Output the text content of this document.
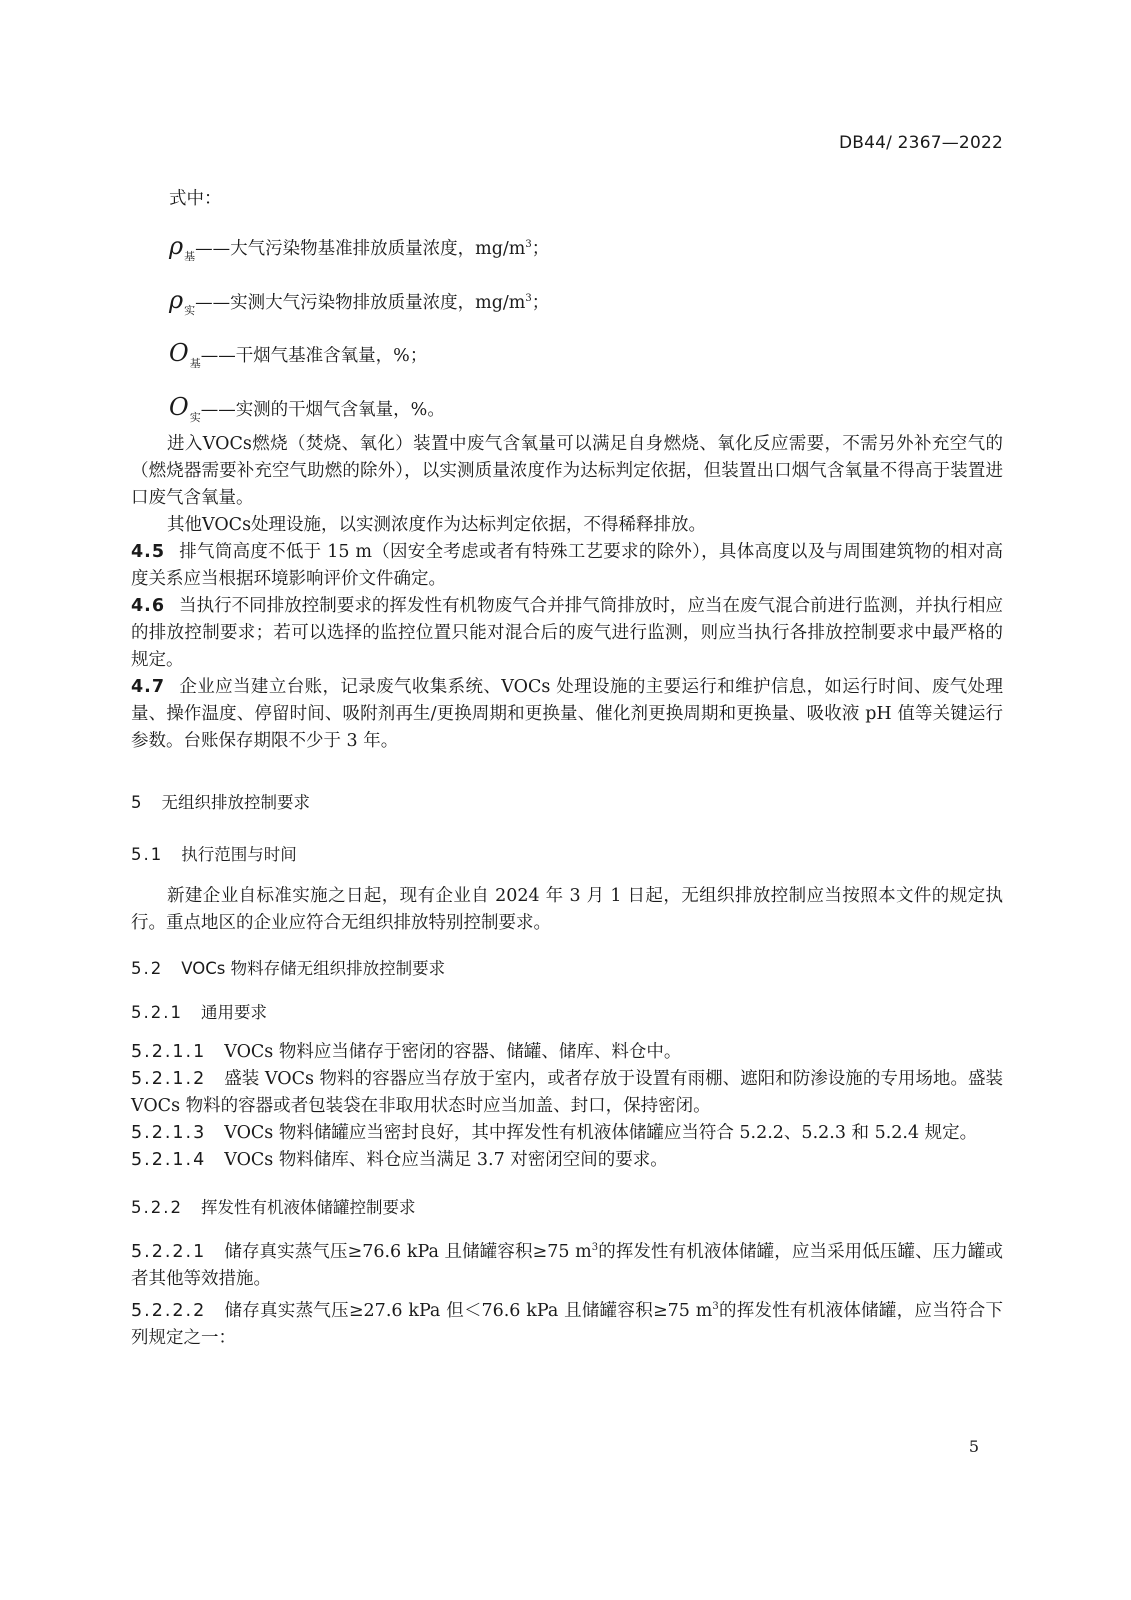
DB44/ 2367—2022

式中：

$\rho_基——$大气污染物基准排放质量浓度，$mg/m^3$；
$\rho_实——$实测大气污染物排放质量浓度，$mg/m^3$；
$O_基——$干烟气基准含氧量，%；
$O_实——$实测的干烟气含氧量，%。

进入VOCs燃烧（焚烧、氧化）装置中废气含氧量可以满足自身燃烧、氧化反应需要，不需另外补充空气的（燃烧器需要补充空气助燃的除外），以实测质量浓度作为达标判定依据，但装置出口烟气含氧量不得高于装置进口废气含氧量。

其他VOCs处理设施，以实测浓度作为达标判定依据，不得稀释排放。

4.5 排气筒高度不低于 15 m（因安全考虑或者有特殊工艺要求的除外），具体高度以及与周围建筑物的相对高度关系应当根据环境影响评价文件确定。

4.6 当执行不同排放控制要求的挥发性有机物废气合并排气筒排放时，应当在废气混合前进行监测，并执行相应的排放控制要求；若可以选择的监控位置只能对混合后的废气进行监测，则应当执行各排放控制要求中最严格的规定。

4.7 企业应当建立台账，记录废气收集系统、VOCs 处理设施的主要运行和维护信息，如运行时间、废气处理量、操作温度、停留时间、吸附剂再生/更换周期和更换量、催化剂更换周期和更换量、吸收液 pH 值等关键运行参数。台账保存期限不少于 3 年。

5 无组织排放控制要求

5.1 执行范围与时间

新建企业自标准实施之日起，现有企业自 2024 年 3 月 1 日起，无组织排放控制应当按照本文件的规定执行。重点地区的企业应符合无组织排放特别控制要求。

5.2 VOCs 物料存储无组织排放控制要求

5.2.1 通用要求

5.2.1.1 VOCs 物料应当储存于密闭的容器、储罐、储库、料仓中。

5.2.1.2 盛装 VOCs 物料的容器应当存放于室内，或者存放于设置有雨棚、遮阳和防渗设施的专用场地。盛装 VOCs 物料的容器或者包装袋在非取用状态时应当加盖、封口，保持密闭。

5.2.1.3 VOCs 物料储罐应当密封良好，其中挥发性有机液体储罐应当符合 5.2.2、5.2.3 和 5.2.4 规定。

5.2.1.4 VOCs 物料储库、料仓应当满足 3.7 对密闭空间的要求。

5.2.2 挥发性有机液体储罐控制要求

5.2.2.1 储存真实蒸气压≥76.6 kPa 且储罐容积≥75 $m^3$的挥发性有机液体储罐，应当采用低压罐、压力罐或者其他等效措施。

5.2.2.2 储存真实蒸气压≥27.6 kPa 但＜76.6 kPa 且储罐容积≥75 $m^3$的挥发性有机液体储罐，应当符合下列规定之一：

5
